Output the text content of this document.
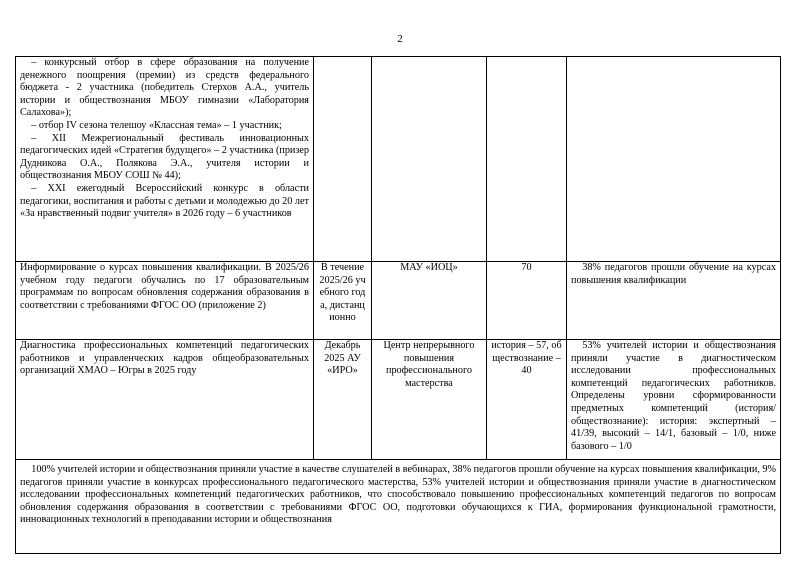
2
– конкурсный отбор в сфере образования на получение денежного поощрения (премии) из средств федерального бюджета - 2 участника (победитель Стерхов А.А., учитель истории и обществознания МБОУ гимназии «Лаборатория Салахова»);
– отбор IV сезона телешоу «Классная тема» – 1 участник;
– XII Межрегиональный фестиваль инновационных педагогических идей «Стратегия будущего» – 2 участника (призер Дудникова О.А., Полякова Э.А., учителя истории и обществознания МБОУ СОШ № 44);
– XXI ежегодный Всероссийский конкурс в области педагогики, воспитания и работы с детьми и молодежью до 20 лет «За нравственный подвиг учителя» в 2026 году – 6 участников				

Информирование о курсах повышения квалификации. В 2025/26 учебном году педагоги обучались по 17 образовательным программам по вопросам обновления содержания образования в соответствии с требованиями ФГОС ОО (приложение 2)	В течение 2025/26 учебного года, дистанционно	МАУ «ИОЦ»	70	38% педагогов прошли обучение на курсах повышения квалификации
Диагностика профессиональных компетенций педагогических работников и управленческих кадров общеобразовательных организаций ХМАО – Югры в 2025 году	Декабрь 2025 АУ «ИРО»	Центр непрерывного повышения профессионального мастерства	история – 57, обществознание – 40	53% учителей истории и обществознания приняли участие в диагностическом исследовании профессиональных компетенций педагогических работников. Определены уровни сформированности предметных компетенций (история/обществознание): история: экспертный – 41/39, высокий – 14/1, базовый – 1/0, ниже базового – 1/0
100% учителей истории и обществознания приняли участие в качестве слушателей в вебинарах, 38% педагогов прошли обучение на курсах повышения квалификации, 9% педагогов приняли участие в конкурсах профессионального педагогического мастерства, 53% учителей истории и обществознания приняли участие в диагностическом исследовании профессиональных компетенций педагогических работников, что способствовало повышению профессиональных компетенций педагогов по вопросам обновления содержания образования в соответствии с требованиями ФГОС ОО, подготовки обучающихся к ГИА, формирования функциональной грамотности, инновационных технологий в преподавании истории и обществознания				
